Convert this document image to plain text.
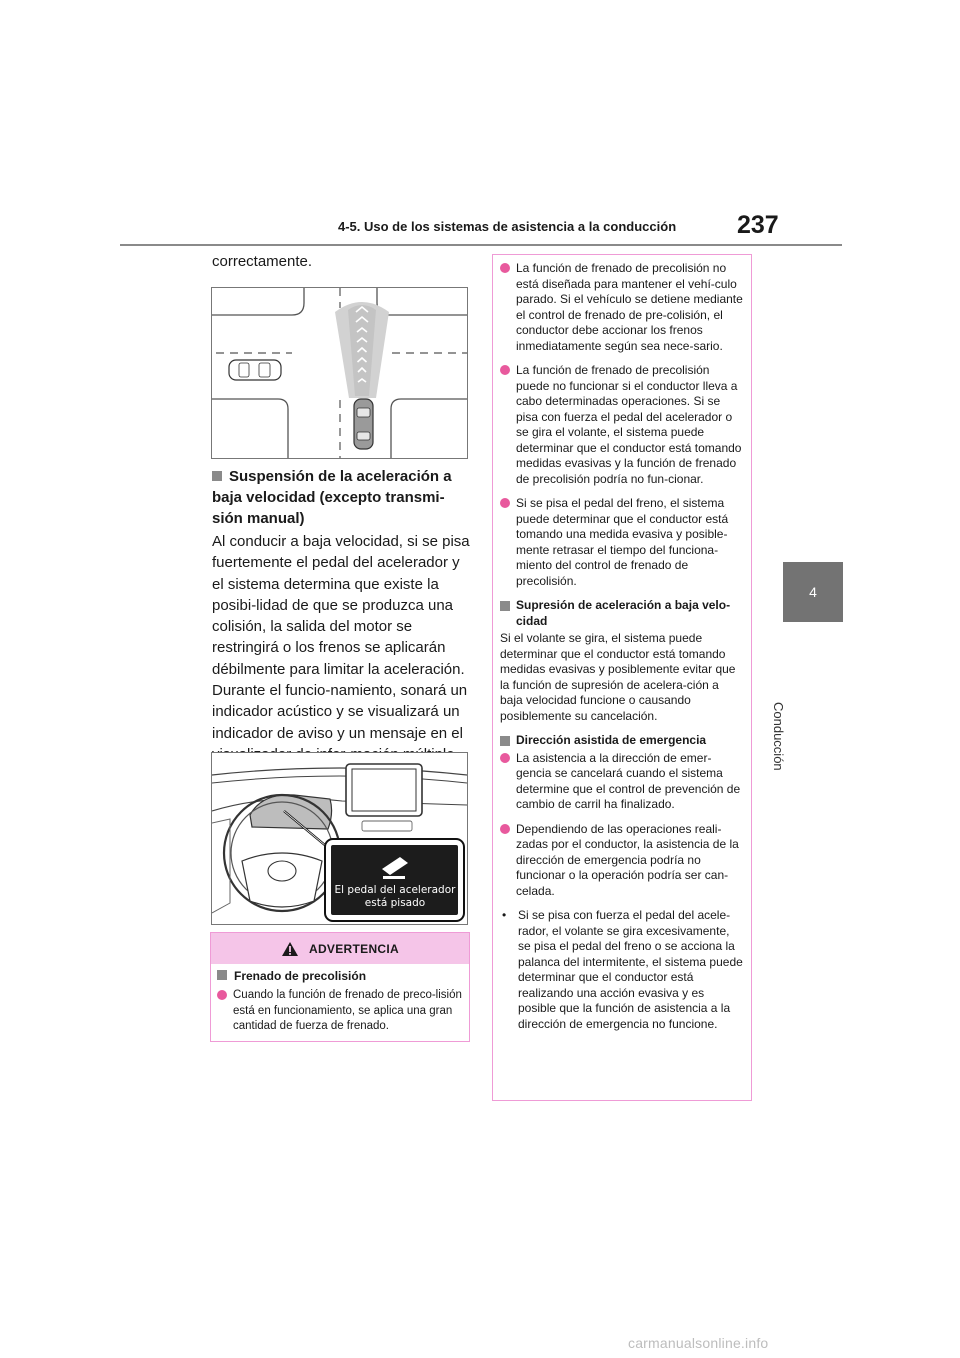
4-5. Uso de los sistemas de asistencia a la conducción 237
4
Conducción
correctamente.
Suspensión de la aceleración a baja velocidad (excepto transmi-sión manual)
Al conducir a baja velocidad, si se pisa fuertemente el pedal del acelerador y el sistema determina que existe la posibi-lidad de que se produzca una colisión, la salida del motor se restringirá o los frenos se aplicarán débilmente para limitar la aceleración. Durante el funcio-namiento, sonará un indicador acústico y se visualizará un indicador de aviso y un mensaje en el
El pedal del acelerador
está pisado
ADVERTENCIA
Frenado de precolisión
Cuando la función de frenado de preco-lisión está en funcionamiento, se aplica una gran cantidad de fuerza de frenado.
La función de frenado de precolisión no está diseñada para mantener el vehí-culo parado. Si el vehículo se detiene mediante el control de frenado de pre-colisión, el conductor debe accionar los frenos inmediatamente según sea nece-sario.
La función de frenado de precolisión puede no funcionar si el conductor lleva a cabo determinadas operaciones. Si se pisa con fuerza el pedal del acelerador o se gira el volante, el sistema puede determinar que el conductor está tomando medidas evasivas y la función de frenado de precolisión podría no fun-cionar.
Si se pisa el pedal del freno, el sistema puede determinar que el conductor está tomando una medida evasiva y posible-mente retrasar el tiempo del funciona-miento del control de frenado de precolisión.
Supresión de aceleración a baja velo-cidad
Si el volante se gira, el sistema puede determinar que el conductor está tomando medidas evasivas y posiblemente evitar que la función de supresión de acelera-ción a baja velocidad funcione o causando posiblemente su cancelación.
Dirección asistida de emergencia
La asistencia a la dirección de emer-gencia se cancelará cuando el sistema determine que el control de prevención de cambio de carril ha finalizado.
Dependiendo de las operaciones reali-zadas por el conductor, la asistencia de la dirección de emergencia podría no funcionar o la operación podría ser can-celada.
• Si se pisa con fuerza el pedal del acele-rador, el volante se gira excesivamente, se pisa el pedal del freno o se acciona la palanca del intermitente, el sistema puede determinar que el conductor está realizando una acción evasiva y es posible que la función de asistencia a la dirección de emergencia no funcione.
carmanualsonline.info
